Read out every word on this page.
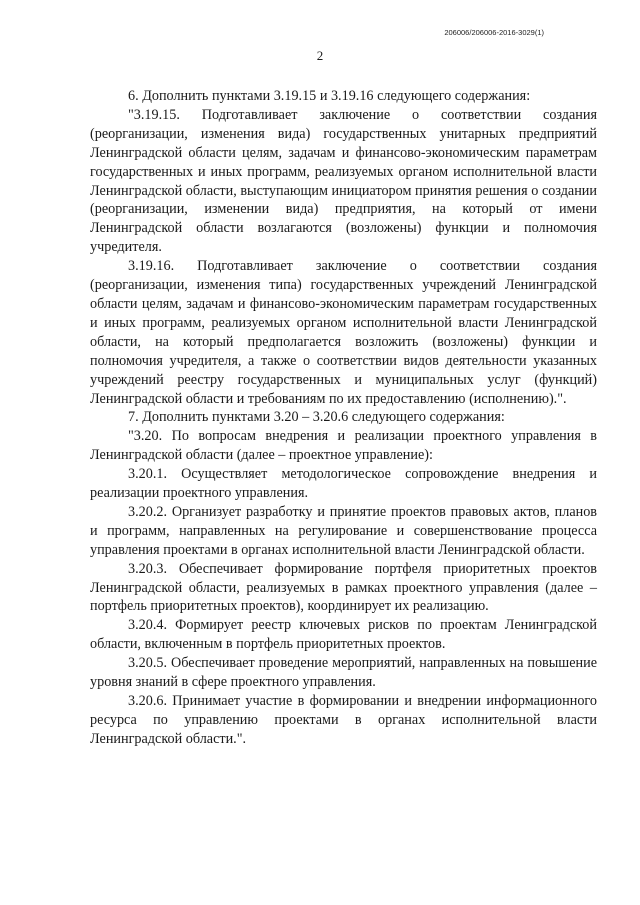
206006/206006-2016-3029(1)
2

6. Дополнить пунктами 3.19.15 и 3.19.16 следующего содержания:

"3.19.15. Подготавливает заключение о соответствии создания (реорганизации, изменения вида) государственных унитарных предприятий Ленинградской области целям, задачам и финансово-экономическим параметрам государственных и иных программ, реализуемых органом исполнительной власти Ленинградской области, выступающим инициатором принятия решения о создании (реорганизации, изменении вида) предприятия, на который от имени Ленинградской области возлагаются (возложены) функции и полномочия учредителя.

3.19.16. Подготавливает заключение о соответствии создания (реорганизации, изменения типа) государственных учреждений Ленинградской области целям, задачам и финансово-экономическим параметрам государственных и иных программ, реализуемых органом исполнительной власти Ленинградской области, на который предполагается возложить (возложены) функции и полномочия учредителя, а также о соответствии видов деятельности указанных учреждений реестру государственных и муниципальных услуг (функций) Ленинградской области и требованиям по их предоставлению (исполнению).".

7. Дополнить пунктами 3.20 – 3.20.6 следующего содержания:

"3.20. По вопросам внедрения и реализации проектного управления в Ленинградской области (далее – проектное управление):

3.20.1. Осуществляет методологическое сопровождение внедрения и реализации проектного управления.

3.20.2. Организует разработку и принятие проектов правовых актов, планов и программ, направленных на регулирование и совершенствование процесса управления проектами в органах исполнительной власти Ленинградской области.

3.20.3. Обеспечивает формирование портфеля приоритетных проектов Ленинградской области, реализуемых в рамках проектного управления (далее – портфель приоритетных проектов), координирует их реализацию.

3.20.4. Формирует реестр ключевых рисков по проектам Ленинградской области, включенным в портфель приоритетных проектов.

3.20.5. Обеспечивает проведение мероприятий, направленных на повышение уровня знаний в сфере проектного управления.

3.20.6. Принимает участие в формировании и внедрении информационного ресурса по управлению проектами в органах исполнительной власти Ленинградской области.".
